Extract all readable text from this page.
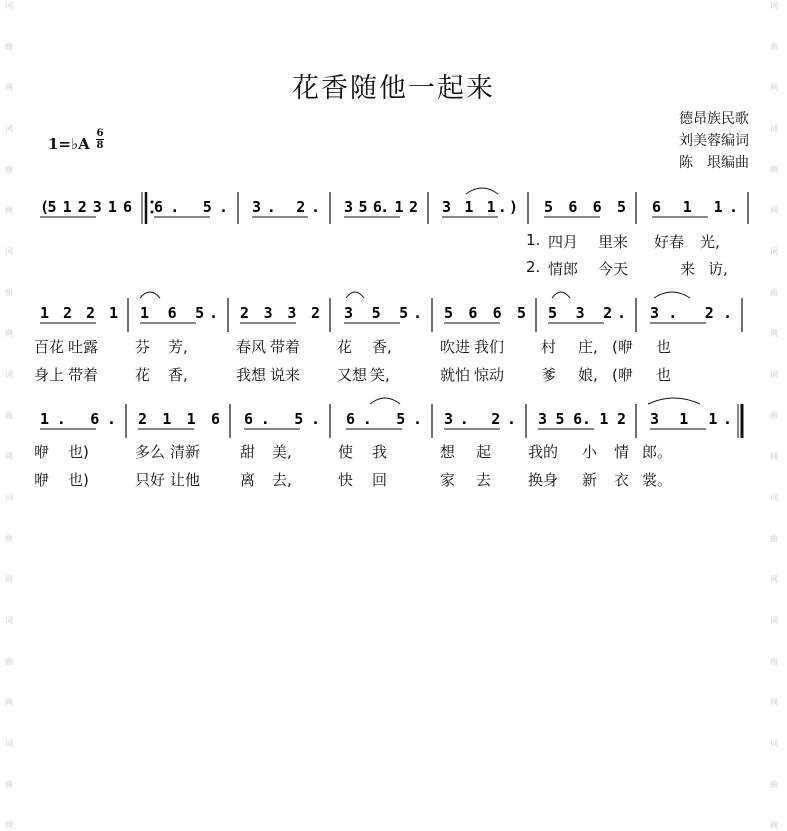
词
曲
网
词
曲
网
词
曲
网
词
曲
网
词
曲
网
词
曲
网
词
曲
网
词
曲
网
词
曲
网
词
曲
网
词
曲
网
词
曲
网
词
曲
网
词
曲
网
花香随他一起来
德昂族民歌
刘美蓉编词
陈　垠编曲
1=♭A
6
8
(5 1 2 3 1 6 6. 5. 3. 2. 3 5 6. 1 2 3 1 1.) 5 6 6 5 6 1 1.
1 2 2 1 1 6 5. 2 3 3 2 3 5 5. 5 6 6 5 5 3 2. 3. 2.
1. 6. 2 1 1 6 6. 5. 6. 5. 3. 2. 3 5 6. 1 2 3 1 1.
1. 四月 里来 好春 光,
2. 情郎 今天	来 访,
百花 吐露 芬 芳,	春风 带着 花 香,	吹进 我们 村 庄, (咿 也
身上 带着 花 香,	我想 说来 又想 笑,	就怕 惊动 爹 娘, (咿 也
咿 也)	多么 清新	甜 美,	使 我	想 起 我的 小 情 郎。
咿 也)	只好 让他	离 去,	快 回	家 去 换身 新 衣 裳。
